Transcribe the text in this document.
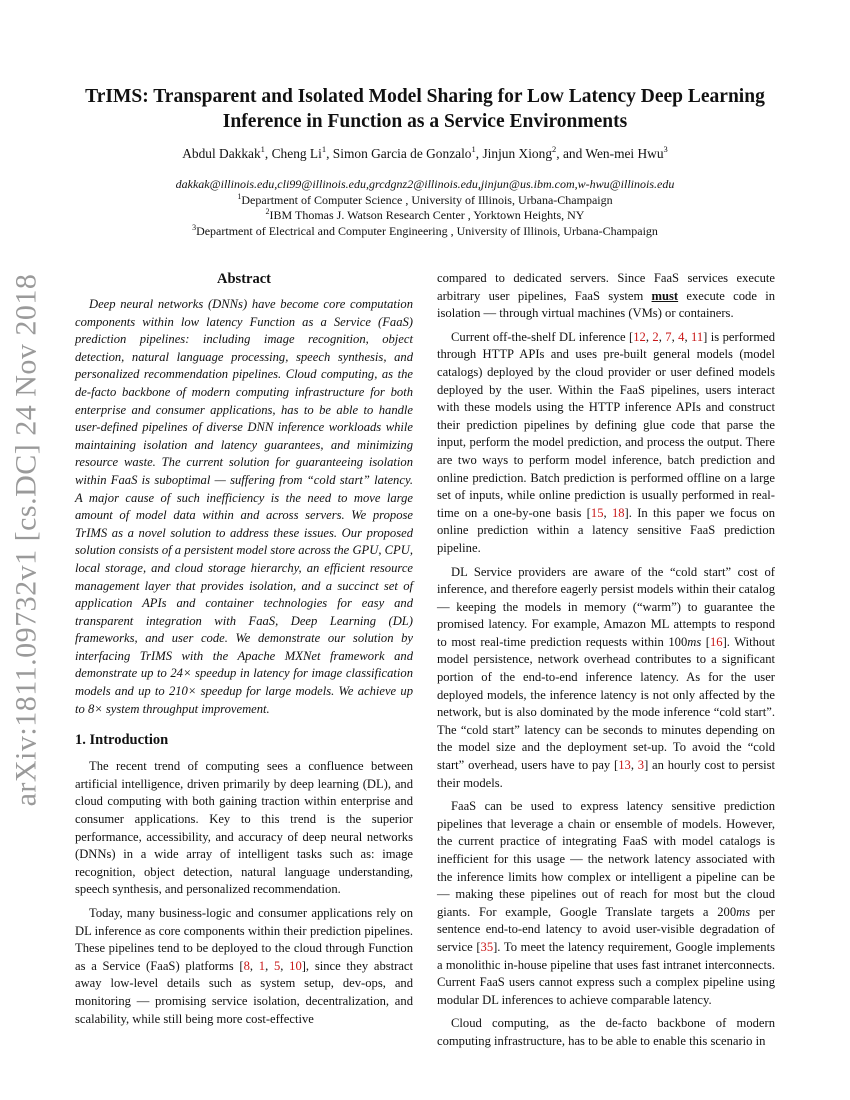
arXiv:1811.09732v1 [cs.DC] 24 Nov 2018
TrIMS: Transparent and Isolated Model Sharing for Low Latency Deep Learning
Inference in Function as a Service Environments
Abdul Dakkak$^1$, Cheng Li$^1$, Simon Garcia de Gonzalo$^1$, Jinjun Xiong$^2$, and Wen-mei Hwu$^3$
dakkak@illinois.edu,cli99@illinois.edu,grcdgnz2@illinois.edu,jinjun@us.ibm.com,w-hwu@illinois.edu
$^1$Department of Computer Science , University of Illinois, Urbana-Champaign
$^2$IBM Thomas J. Watson Research Center , Yorktown Heights, NY
$^3$Department of Electrical and Computer Engineering , University of Illinois, Urbana-Champaign
Abstract

Deep neural networks (DNNs) have become core computation components within low latency Function as a Service (FaaS) prediction pipelines: including image recognition, object detection, natural language processing, speech synthesis, and personalized recommendation pipelines. Cloud computing, as the de-facto backbone of modern computing infrastructure for both enterprise and consumer applications, has to be able to handle user-defined pipelines of diverse DNN inference workloads while maintaining isolation and latency guarantees, and minimizing resource waste. The current solution for guaranteeing isolation within FaaS is suboptimal — suffering from “cold start” latency. A major cause of such inefficiency is the need to move large amount of model data within and across servers. We propose TrIMS as a novel solution to address these issues. Our proposed solution consists of a persistent model store across the GPU, CPU, local storage, and cloud storage hierarchy, an efficient resource management layer that provides isolation, and a succinct set of application APIs and container technologies for easy and transparent integration with FaaS, Deep Learning (DL) frameworks, and user code. We demonstrate our solution by interfacing TrIMS with the Apache MXNet framework and demonstrate up to 24× speedup in latency for image classification models and up to 210× speedup for large models. We achieve up to 8× system throughput improvement.

1. Introduction

The recent trend of computing sees a confluence between artificial intelligence, driven primarily by deep learning (DL), and cloud computing with both gaining traction within enterprise and consumer applications. Key to this trend is the superior performance, accessibility, and accuracy of deep neural networks (DNNs) in a wide array of intelligent tasks such as: image recognition, object detection, natural language understanding, speech synthesis, and personalized recommendation.

Today, many business-logic and consumer applications rely on DL inference as core components within their prediction pipelines. These pipelines tend to be deployed to the cloud through Function as a Service (FaaS) platforms [8, 1, 5, 10], since they abstract away low-level details such as system setup, dev-ops, and monitoring — promising service isolation, decentralization, and scalability, while still being more cost-effective

compared to dedicated servers. Since FaaS services execute arbitrary user pipelines, FaaS system must execute code in isolation — through virtual machines (VMs) or containers.

Current off-the-shelf DL inference [12, 2, 7, 4, 11] is performed through HTTP APIs and uses pre-built general models (model catalogs) deployed by the cloud provider or user defined models deployed by the user. Within the FaaS pipelines, users interact with these models using the HTTP inference APIs and construct their prediction pipelines by defining glue code that parse the input, perform the model prediction, and process the output. There are two ways to perform model inference, batch prediction and online prediction. Batch prediction is performed offline on a large set of inputs, while online prediction is usually performed in real-time on a one-by-one basis [15, 18]. In this paper we focus on online prediction within a latency sensitive FaaS prediction pipeline.

DL Service providers are aware of the “cold start” cost of inference, and therefore eagerly persist models within their catalog — keeping the models in memory (“warm”) to guarantee the promised latency. For example, Amazon ML attempts to respond to most real-time prediction requests within 100ms [16]. Without model persistence, network overhead contributes to a significant portion of the end-to-end inference latency. As for the user deployed models, the inference latency is not only affected by the network, but is also dominated by the mode inference “cold start”. The “cold start” latency can be seconds to minutes depending on the model size and the deployment set-up. To avoid the “cold start” overhead, users have to pay [13, 3] an hourly cost to persist their models.

FaaS can be used to express latency sensitive prediction pipelines that leverage a chain or ensemble of models. However, the current practice of integrating FaaS with model catalogs is inefficient for this usage — the network latency associated with the inference limits how complex or intelligent a pipeline can be — making these pipelines out of reach for most but the cloud giants. For example, Google Translate targets a 200ms per sentence end-to-end latency to avoid user-visible degradation of service [35]. To meet the latency requirement, Google implements a monolithic in-house pipeline that uses fast intranet interconnects. Current FaaS users cannot express such a complex pipeline using modular DL inferences to achieve comparable latency.

Cloud computing, as the de-facto backbone of modern computing infrastructure, has to be able to enable this scenario in
